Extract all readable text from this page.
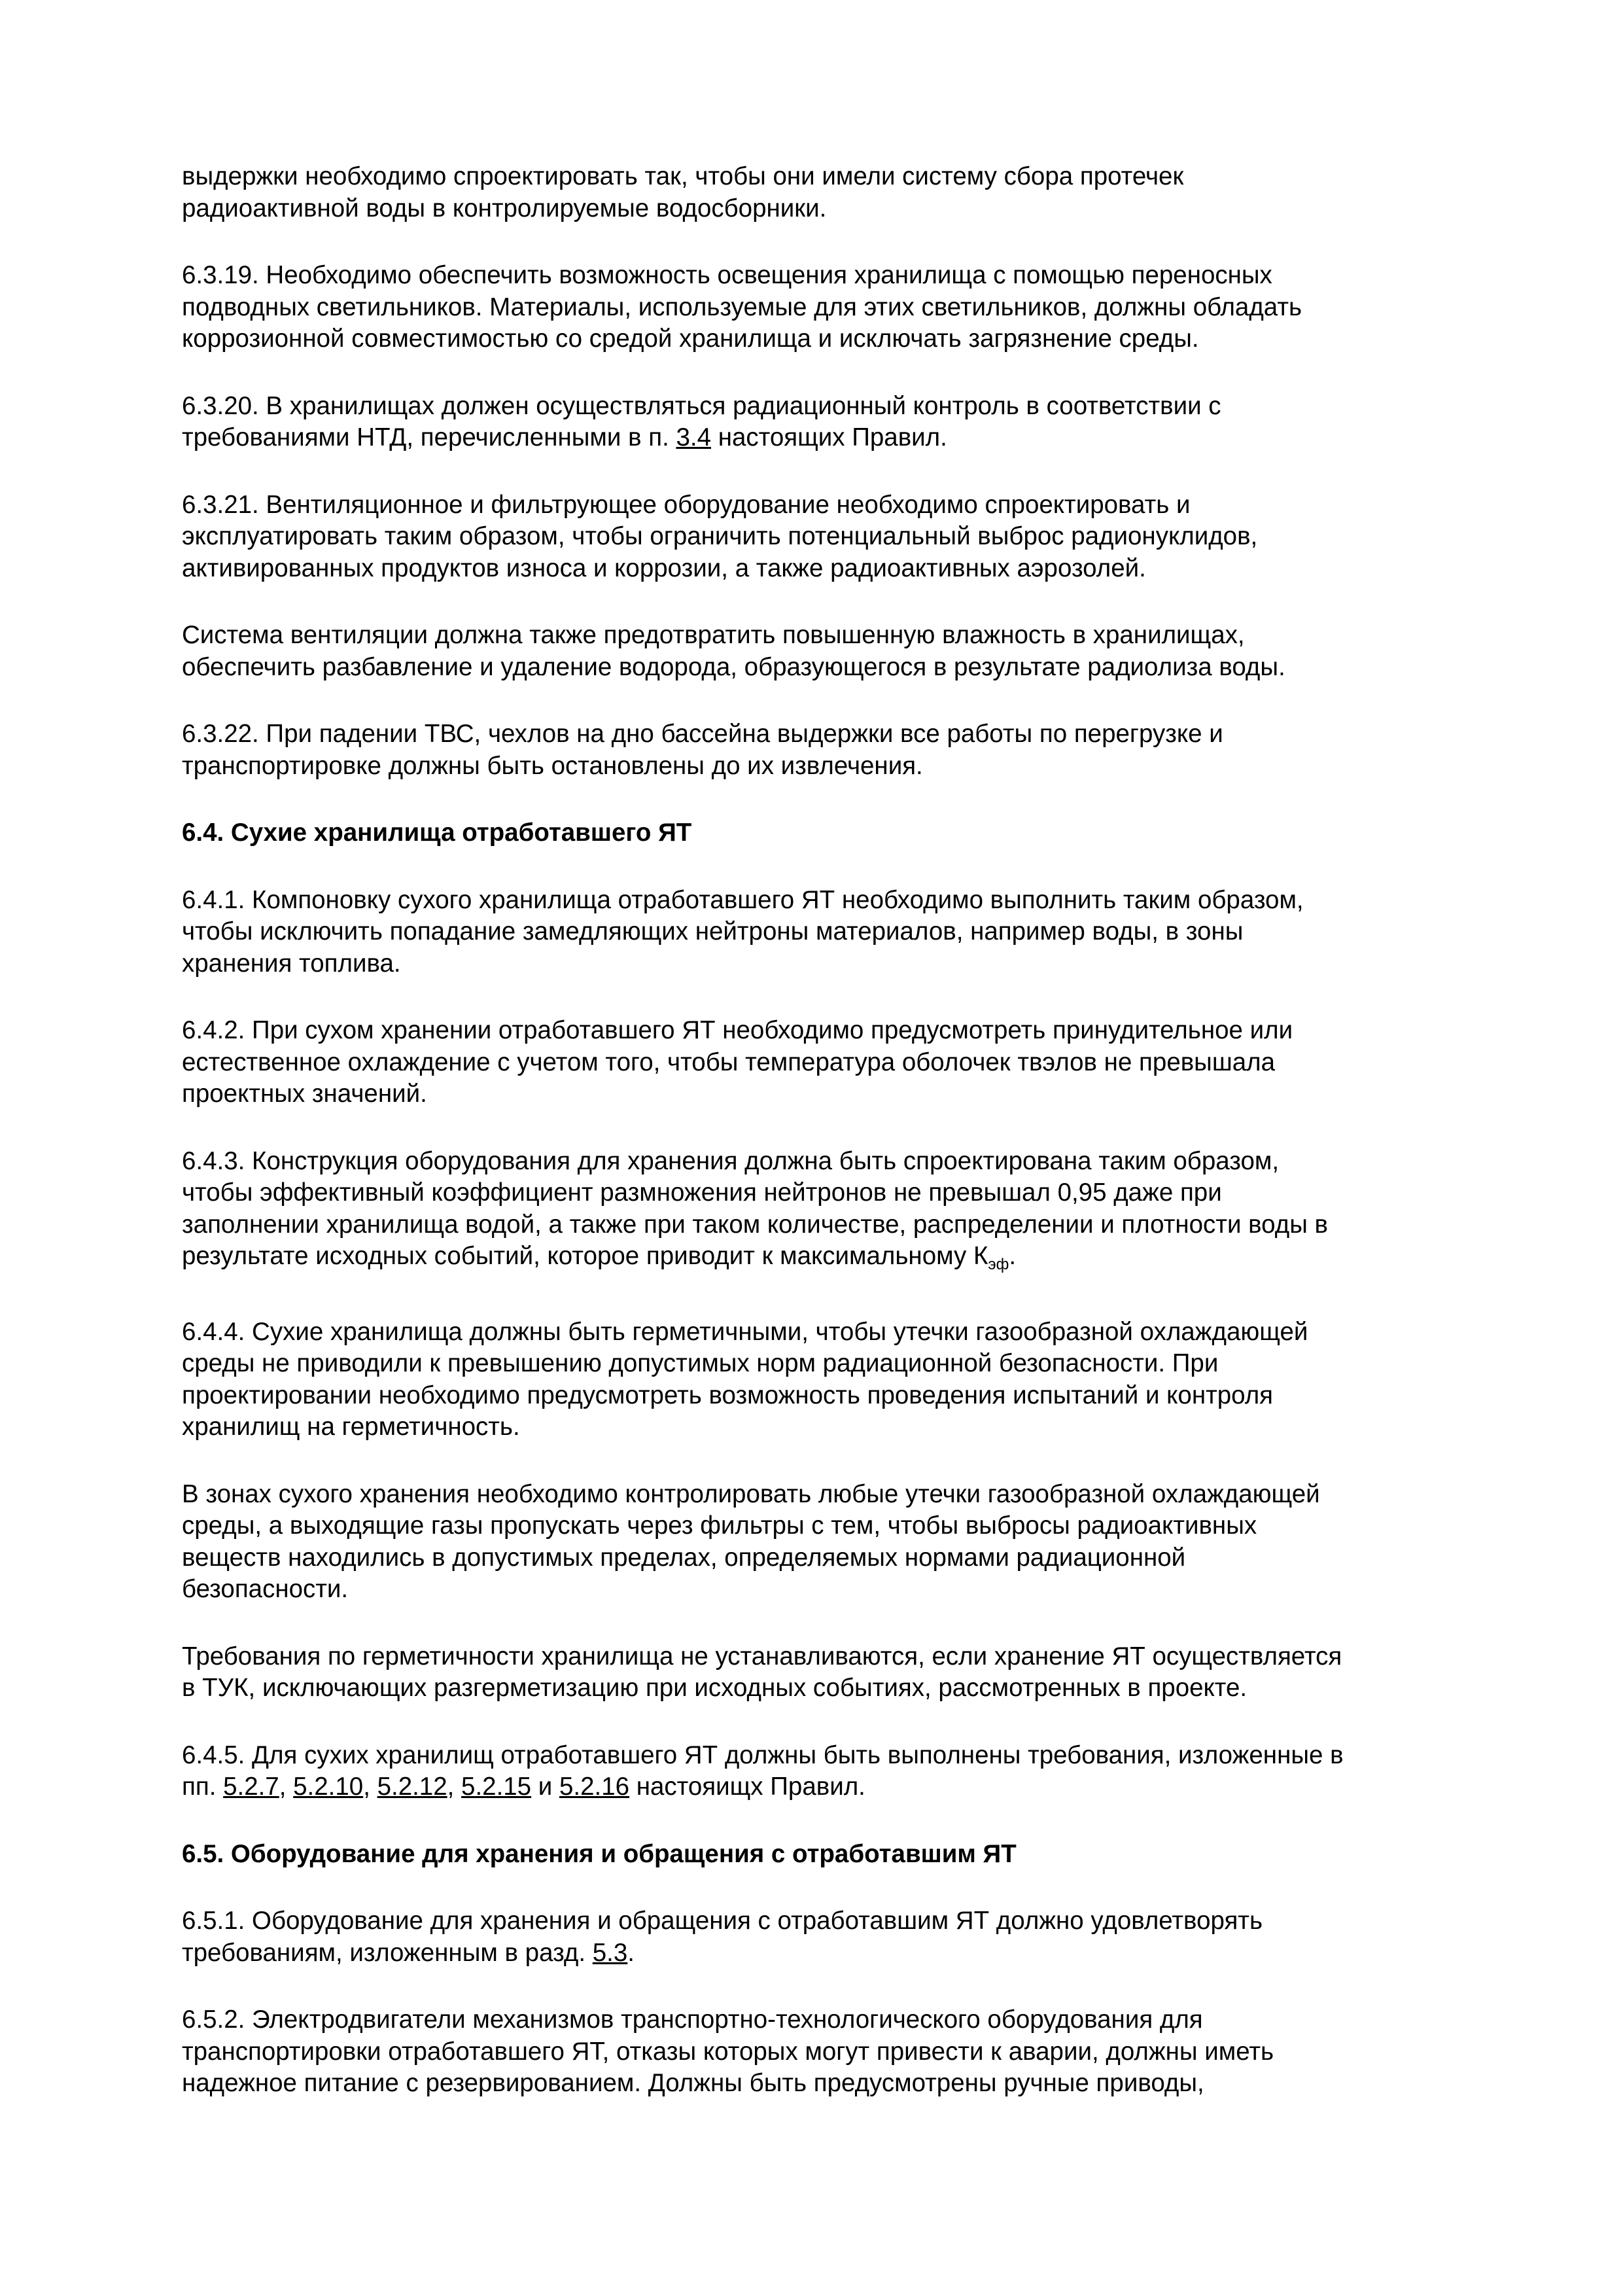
выдержки необходимо спроектировать так, чтобы они имели систему сбора протечек
радиоактивной воды в контролируемые водосборники.
6.3.19. Необходимо обеспечить возможность освещения хранилища с помощью переносных
подводных светильников. Материалы, используемые для этих светильников, должны обладать
коррозионной совместимостью со средой хранилища и исключать загрязнение среды.
6.3.20. В хранилищах должен осуществляться радиационный контроль в соответствии с
требованиями НТД, перечисленными в п. 3.4 настоящих Правил.
6.3.21. Вентиляционное и фильтрующее оборудование необходимо спроектировать и
эксплуатировать таким образом, чтобы ограничить потенциальный выброс радионуклидов,
активированных продуктов износа и коррозии, а также радиоактивных аэрозолей.
Система вентиляции должна также предотвратить повышенную влажность в хранилищах,
обеспечить разбавление и удаление водорода, образующегося в результате радиолиза воды.
6.3.22. При падении ТВС, чехлов на дно бассейна выдержки все работы по перегрузке и
транспортировке должны быть остановлены до их извлечения.
6.4. Сухие хранилища отработавшего ЯТ
6.4.1. Компоновку сухого хранилища отработавшего ЯТ необходимо выполнить таким образом,
чтобы исключить попадание замедляющих нейтроны материалов, например воды, в зоны
хранения топлива.
6.4.2. При сухом хранении отработавшего ЯТ необходимо предусмотреть принудительное или
естественное охлаждение с учетом того, чтобы температура оболочек твэлов не превышала
проектных значений.
6.4.3. Конструкция оборудования для хранения должна быть спроектирована таким образом,
чтобы эффективный коэффициент размножения нейтронов не превышал 0,95 даже при
заполнении хранилища водой, а также при таком количестве, распределении и плотности воды в
результате исходных событий, которое приводит к максимальному $К_{эф}$.
6.4.4. Сухие хранилища должны быть герметичными, чтобы утечки газообразной охлаждающей
среды не приводили к превышению допустимых норм радиационной безопасности. При
проектировании необходимо предусмотреть возможность проведения испытаний и контроля
хранилищ на герметичность.
В зонах сухого хранения необходимо контролировать любые утечки газообразной охлаждающей
среды, а выходящие газы пропускать через фильтры с тем, чтобы выбросы радиоактивных
веществ находились в допустимых пределах, определяемых нормами радиационной
безопасности.
Требования по герметичности хранилища не устанавливаются, если хранение ЯТ осуществляется
в ТУК, исключающих разгерметизацию при исходных событиях, рассмотренных в проекте.
6.4.5. Для сухих хранилищ отработавшего ЯТ должны быть выполнены требования, изложенные в
пп. 5.2.7, 5.2.10, 5.2.12, 5.2.15 и 5.2.16 настояищх Правил.
6.5. Оборудование для хранения и обращения с отработавшим ЯТ
6.5.1. Оборудование для хранения и обращения с отработавшим ЯТ должно удовлетворять
требованиям, изложенным в разд. 5.3.
6.5.2. Электродвигатели механизмов транспортно-технологического оборудования для
транспортировки отработавшего ЯТ, отказы которых могут привести к аварии, должны иметь
надежное питание с резервированием. Должны быть предусмотрены ручные приводы,
